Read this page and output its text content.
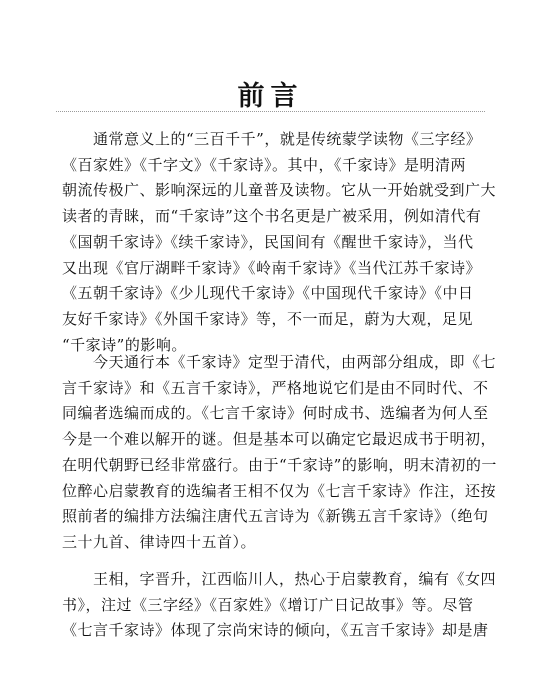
前言
　　通常意义上的“三百千千”，就是传统蒙学读物《三字经》
《百家姓》《千字文》《千家诗》。其中，《千家诗》是明清两
朝流传极广、影响深远的儿童普及读物。它从一开始就受到广大
读者的青睐，而“千家诗”这个书名更是广被采用，例如清代有
《国朝千家诗》《续千家诗》，民国间有《醒世千家诗》，当代
又出现《官厅湖畔千家诗》《岭南千家诗》《当代江苏千家诗》
《五朝千家诗》《少儿现代千家诗》《中国现代千家诗》《中日
友好千家诗》《外国千家诗》等，不一而足，蔚为大观，足见
“千家诗”的影响。
　　今天通行本《千家诗》定型于清代，由两部分组成，即《七
言千家诗》和《五言千家诗》，严格地说它们是由不同时代、不
同编者选编而成的。《七言千家诗》何时成书、选编者为何人至
今是一个难以解开的谜。但是基本可以确定它最迟成书于明初，
在明代朝野已经非常盛行。由于“千家诗”的影响，明末清初的一
位醉心启蒙教育的选编者王相不仅为《七言千家诗》作注，还按
照前者的编排方法编注唐代五言诗为《新镌五言千家诗》（绝句
三十九首、律诗四十五首）。
　　王相，字晋升，江西临川人，热心于启蒙教育，编有《女四
书》，注过《三字经》《百家姓》《增订广日记故事》等。尽管
《七言千家诗》体现了宗尚宋诗的倾向，《五言千家诗》却是唐
